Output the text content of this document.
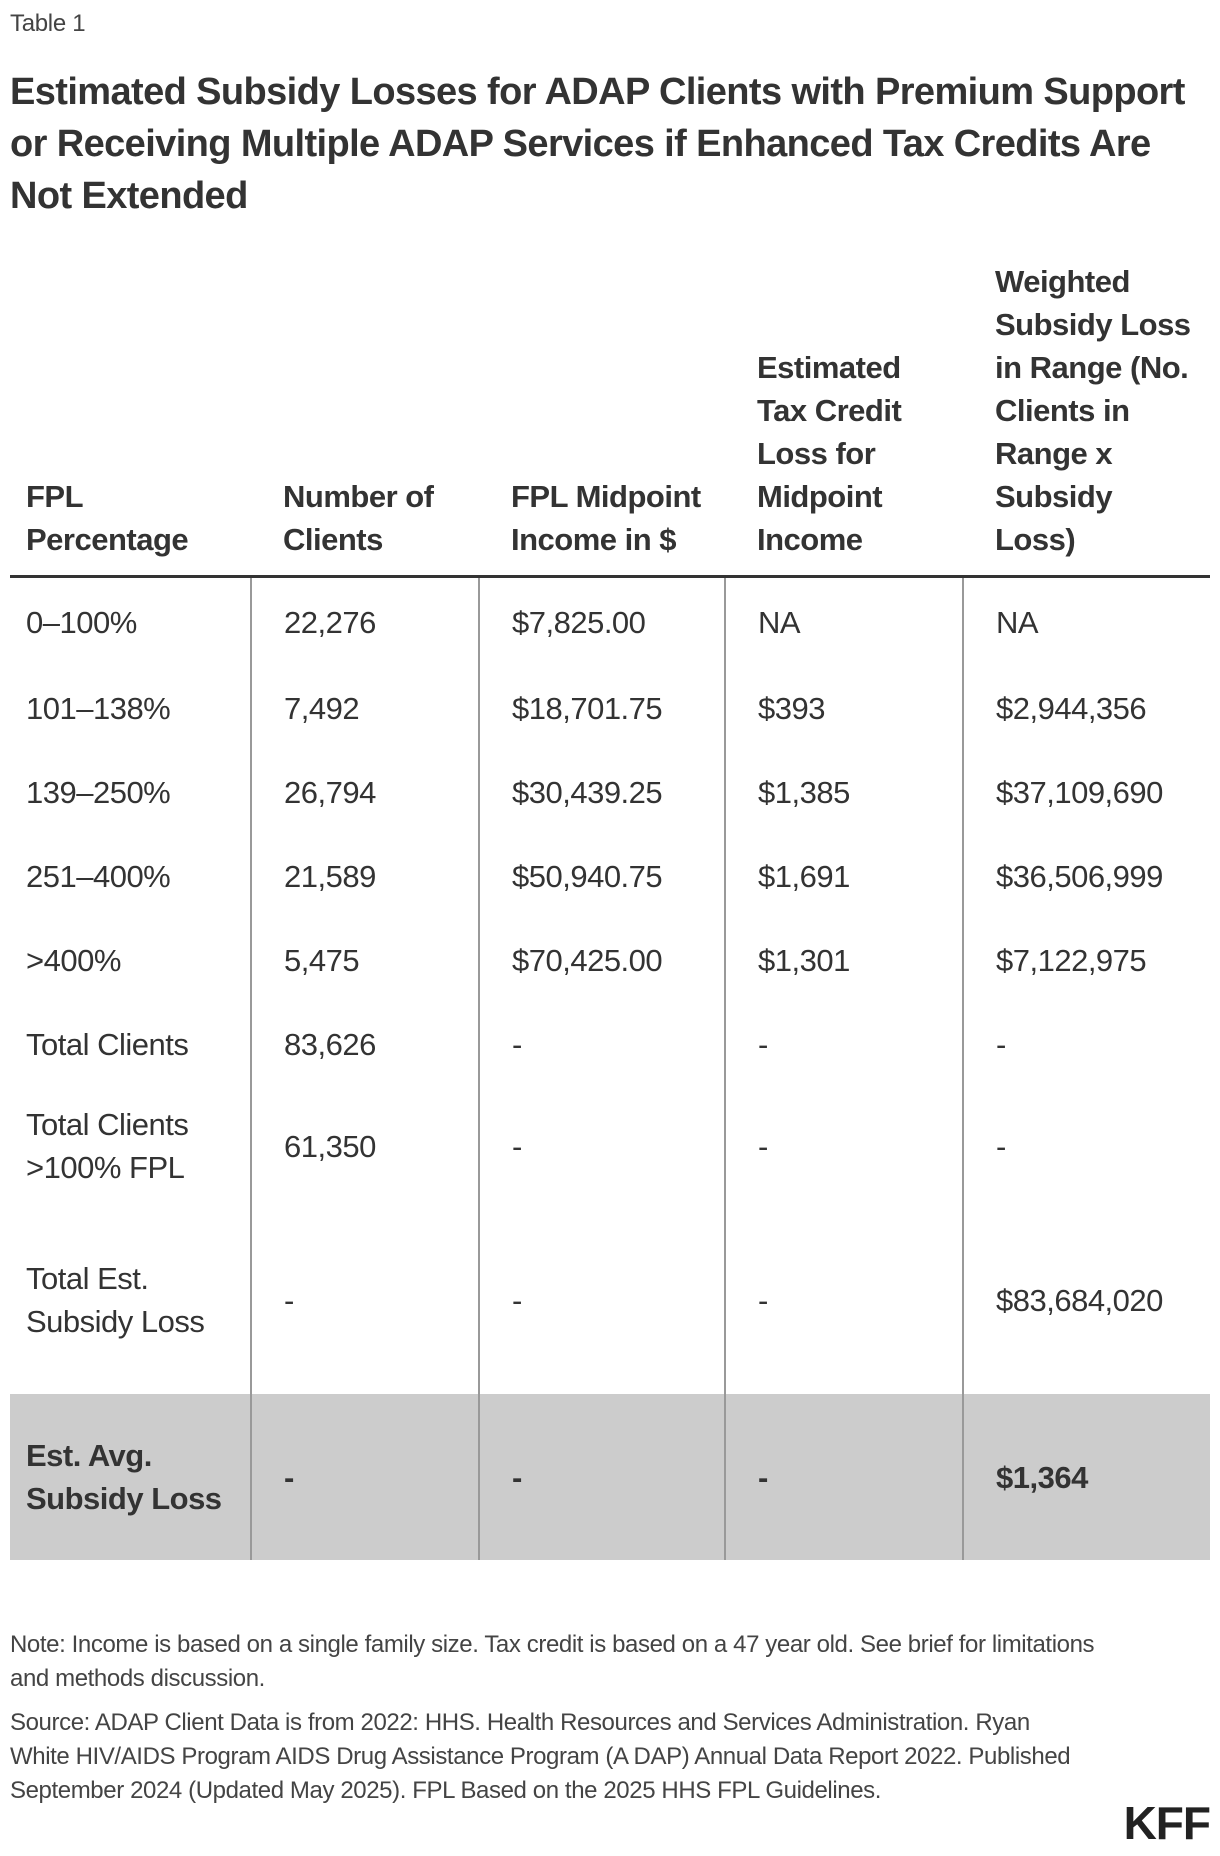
Table 1
Estimated Subsidy Losses for ADAP Clients with Premium Support or Receiving Multiple ADAP Services if Enhanced Tax Credits Are Not Extended
FPL Percentage	Number of Clients	FPL Midpoint Income in $	Estimated Tax Credit Loss for Midpoint Income	Weighted Subsidy Loss in Range (No. Clients in Range x Subsidy Loss)
0–100%	22,276	$7,825.00	NA	NA
101–138%	7,492	$18,701.75	$393	$2,944,356
139–250%	26,794	$30,439.25	$1,385	$37,109,690
251–400%	21,589	$50,940.75	$1,691	$36,506,999
>400%	5,475	$70,425.00	$1,301	$7,122,975
Total Clients	83,626	-	-	-
Total Clients >100% FPL	61,350	-	-	-
Total Est. Subsidy Loss	-	-	-	$83,684,020
Est. Avg. Subsidy Loss	-	-	-	$1,364
Note: Income is based on a single family size. Tax credit is based on a 47 year old. See brief for limitations and methods discussion.
Source: ADAP Client Data is from 2022: HHS. Health Resources and Services Administration. Ryan White HIV/AIDS Program AIDS Drug Assistance Program (A DAP) Annual Data Report 2022. Published September 2024 (Updated May 2025). FPL Based on the 2025 HHS FPL Guidelines.
KFF
